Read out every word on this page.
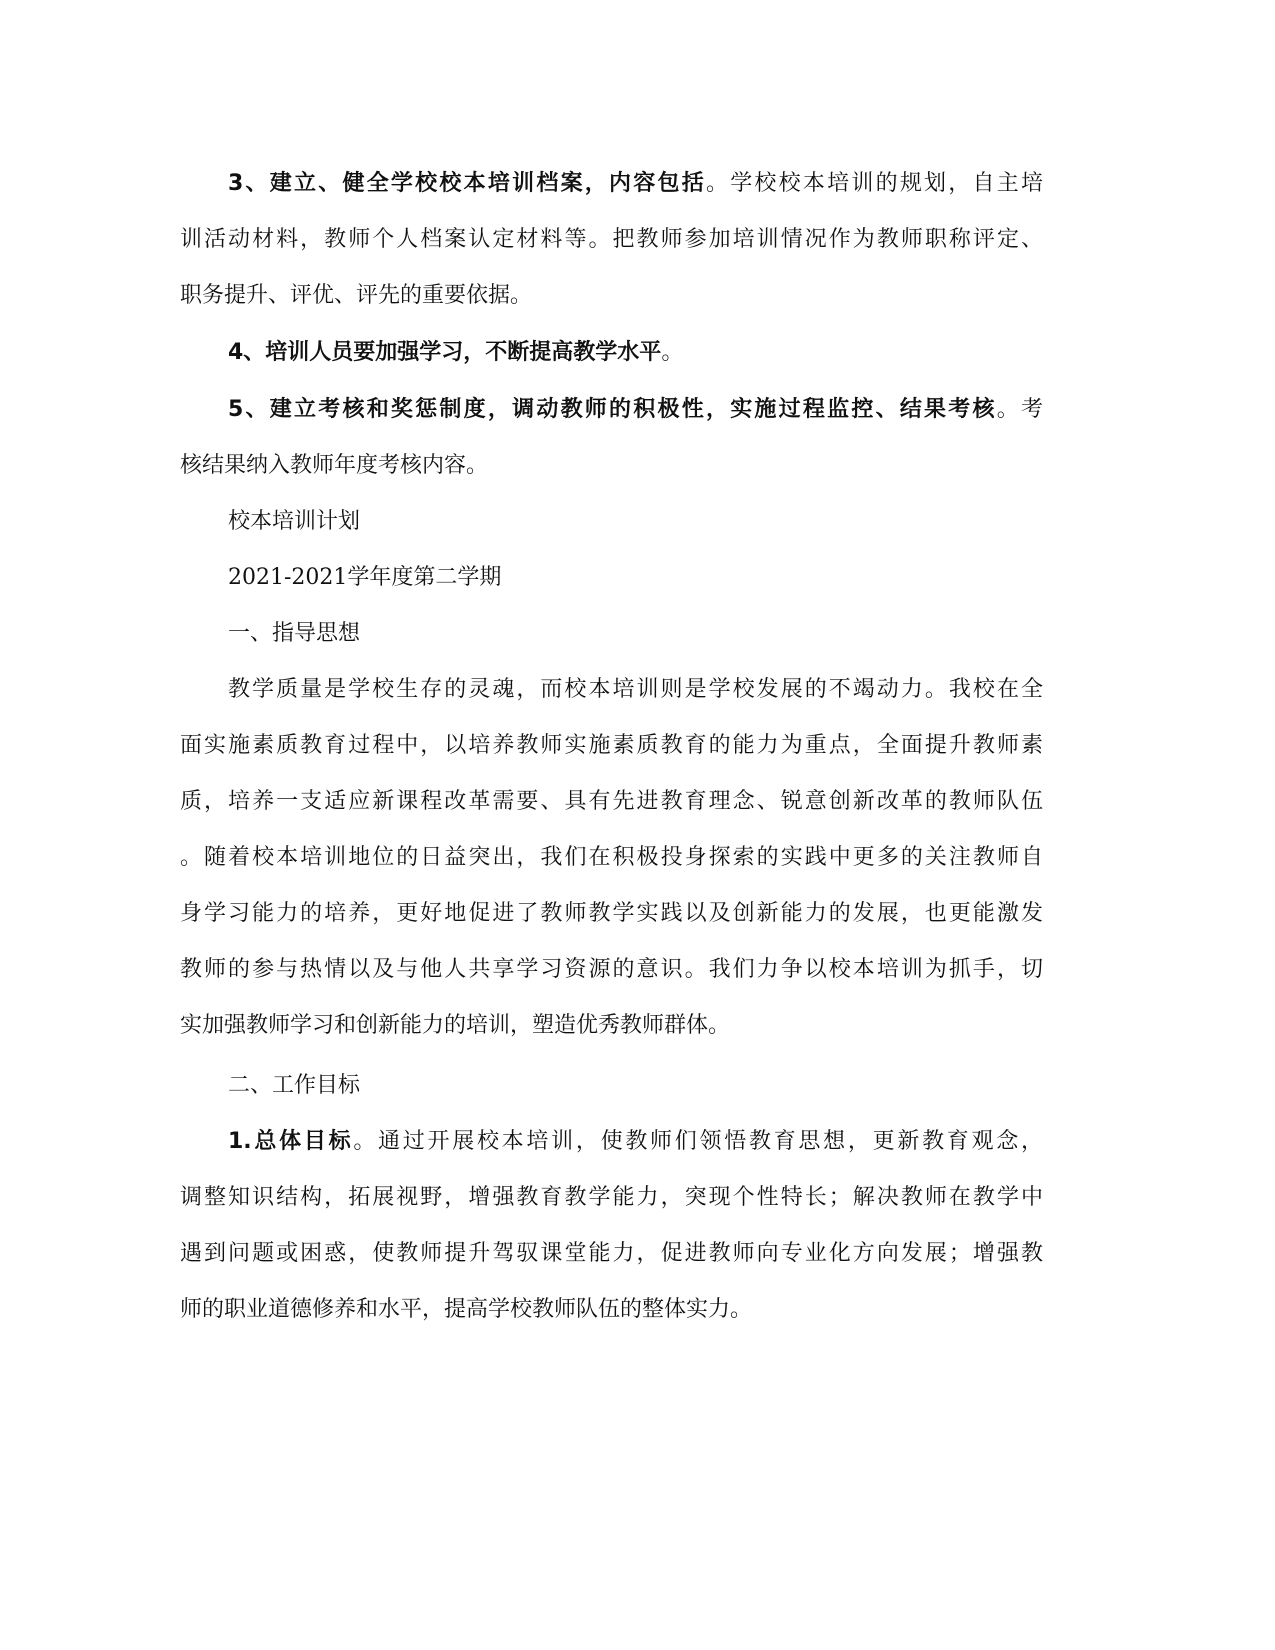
3、建立、健全学校校本培训档案，内容包括。学校校本培训的规划，自主培
训活动材料，教师个人档案认定材料等。把教师参加培训情况作为教师职称评定、
职务提升、评优、评先的重要依据。
4、培训人员要加强学习，不断提高教学水平。
5、建立考核和奖惩制度，调动教师的积极性，实施过程监控、结果考核。考
核结果纳入教师年度考核内容。
校本培训计划
2021-2021学年度第二学期
一、指导思想
教学质量是学校生存的灵魂，而校本培训则是学校发展的不竭动力。我校在全
面实施素质教育过程中，以培养教师实施素质教育的能力为重点，全面提升教师素
质，培养一支适应新课程改革需要、具有先进教育理念、锐意创新改革的教师队伍
。随着校本培训地位的日益突出，我们在积极投身探索的实践中更多的关注教师自
身学习能力的培养，更好地促进了教师教学实践以及创新能力的发展，也更能激发
教师的参与热情以及与他人共享学习资源的意识。我们力争以校本培训为抓手，切
实加强教师学习和创新能力的培训，塑造优秀教师群体。
二、工作目标
1.总体目标。通过开展校本培训，使教师们领悟教育思想，更新教育观念，
调整知识结构，拓展视野，增强教育教学能力，突现个性特长；解决教师在教学中
遇到问题或困惑，使教师提升驾驭课堂能力，促进教师向专业化方向发展；增强教
师的职业道德修养和水平，提高学校教师队伍的整体实力。
